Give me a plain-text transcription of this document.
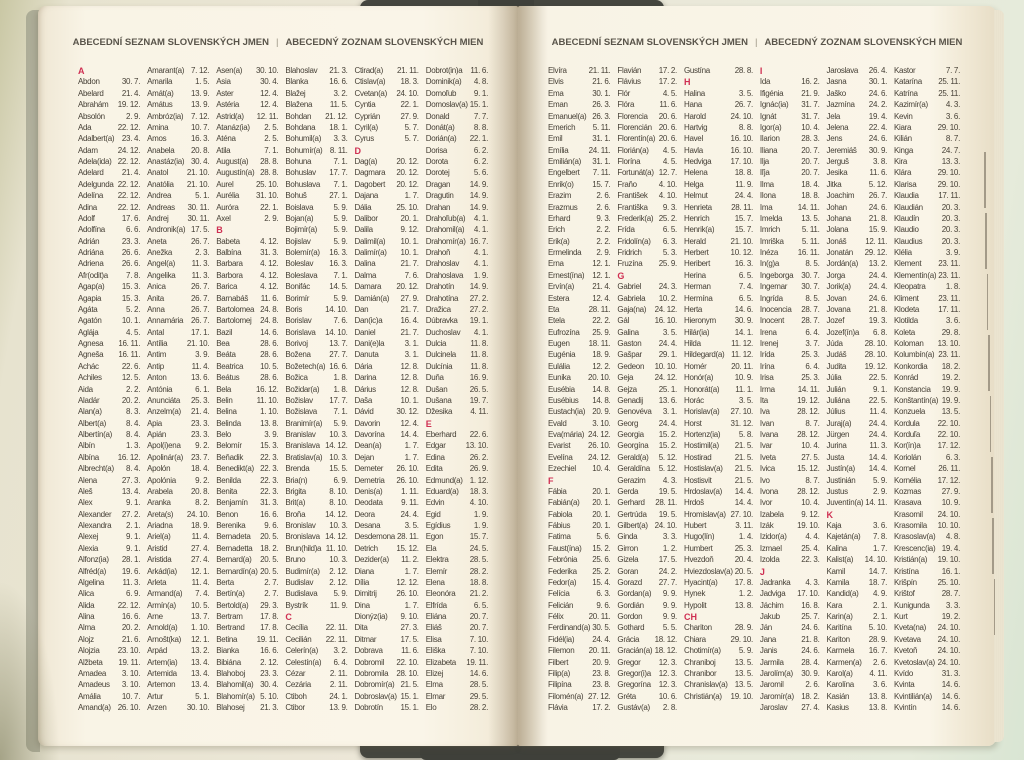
ABECEDNÍ SEZNAM SLOVENSKÝCH JMEN | ABECEDNÝ ZOZNAM SLOVENSKÝCH MIEN
A
Abdon	30. 7.
Abelard 21. 4.
Abrahám 19. 12.
Absolón	2. 9.
Ada	22. 12.
Adalbert(a) 23. 4.
Adam	24. 12.
Adela(ida) 22. 12.
Adelard 21. 4.
Adelgunda 22. 12.
Adelína 22. 12.
Adina	22. 12.
Adolf	17. 6.
Adolfína	6. 6.
Adrián	23. 3.
Adriána 26. 6.
Adriena 26. 6.
Afr(odit)a 7. 8.
Agap(a) 15. 3.
Agapia	15. 3.
Agáta	5. 2.
Agatón	10. 1.
Aglája	4. 5.
Agnesa 16. 11.
Agneša 16. 11.
Achác	22. 6.
Achiles	12. 5.
Aida	2. 2.
Aladár	20. 2.
Alan(a)	8. 3.
Albert(a)	8. 4.
Albertín(a) 8. 4.
Albín	1. 3.
Albína 16. 12.
Albrecht(a) 8. 4.
Alena	27. 3.
Aleš	13. 4.
Alex	9. 1.
Alexander 27. 2.
Alexandra 2. 1.
Alexej	9. 1.
Alexia	9. 1.
Alfonz(ia) 28. 1.
Alfréd(a) 19. 6.
Algelina 11. 3.
Alica	6. 9.
Alida	22. 12.
Alina	16. 6.
Alma	20. 2.
Alojz	21. 6.
Alojzia 23. 10.
Alžbeta 19. 11.
Amadea 3. 10.
Amadeus 3. 10.
Amália	10. 7.
Amand(a) 26. 10.
Amarant(a) 7. 12.
Amarila	1. 5.
Amát(a) 13. 9.
Amátus 13. 9.
Ambróz(ia) 7. 12.
Amina	10. 7.
Amos	16. 3.
Anabela 20. 8.
Anastáz(ia) 30. 4.
Anatol 21. 10.
Anatólia 21. 10.
Andrea	5. 1.
Andreas 30. 11.
Andrej 30. 11.
Andronik(a) 17. 5.
Aneta	26. 7.
Anežka	2. 3.
Angel(a) 11. 3.
Angelika 11. 3.
Anica	26. 7.
Anita	26. 7.
Anna	26. 7.
Annamária 26. 7.
Antal	17. 1.
Antília 21. 10.
Antim	3. 9.
Antip	11. 4.
Anton	13. 6.
Antónia	6. 1.
Anunciáta 25. 3.
Anzelm(a) 21. 4.
Apia	23. 3.
Apián	23. 3.
Apol(i)ena 9. 2.
Apolinár(a) 23. 7.
Apolón	18. 4.
Apolónia 9. 2.
Arabela 20. 8.
Aranka	8. 2.
Areta(s) 24. 10.
Ariadna 18. 9.
Ariel(a)	11. 4.
Aristid	27. 4.
Aristida 27. 4.
Arkád(ia) 12. 1.
Arleta	11. 4.
Armand(a) 7. 4.
Armín(a) 10. 5.
Arne	13. 7.
Arnold(a) 1. 10.
Arnošt(ka) 12. 1.
Arpád	13. 2.
Artem(ia) 13. 4.
Artemida 13. 4.
Artemon 13. 4.
Artur	5. 1.
Arzen	30. 10.
Asen(a) 30. 10.
Asia	30. 4.
Aster	12. 4.
Astéria	12. 4.
Astrid(a) 12. 11.
Atanáz(ia) 2. 5.
Aténa	2. 5.
Atila	7. 1.
August(a) 28. 8.
Augustín(a) 28. 8.
Aurel	25. 10.
Aurélia 31. 10.
Auróra	22. 1.
Axel	2. 9.
B
Babeta	4. 12.
Balbína 31. 3.
Barbara 4. 12.
Barbora 4. 12.
Barica	4. 12.
Barnabáš 11. 6.
Bartolomea 24. 8.
Bartolomej 24. 8.
Bazil	14. 6.
Bea	28. 6.
Beáta	28. 6.
Beatrica 10. 5.
Beátus	28. 6.
Bela	16. 12.
Belin	11. 10.
Belina	1. 10.
Belinda 13. 8.
Belo	3. 9.
Belomír 15. 3.
Beňadik 22. 3.
Benedikt(a) 22. 3.
Benilda 22. 3.
Benita	22. 3.
Benjamín 31. 3.
Benon	16. 6.
Berenika 9. 6.
Bernadeta 20. 5.
Bernadetta 18. 2.
Bernard(a) 20. 5.
Bernardín(a) 20. 5.
Berta	2. 7.
Bertín(a) 2. 7.
Bertold(a) 29. 3.
Bertram 17. 8.
Bertrand 17. 8.
Betina 19. 11.
Bianka	16. 6.
Bibiána 2. 12.
Blahoboj 23. 3.
Blahomil(a) 30. 4.
Blahomír(a) 5. 10.
Blahosej 21. 3.
Blahoslav 21. 3.
Blanka	16. 6.
Blažej	3. 2.
Blažena 11. 5.
Bohdan 21. 12.
Bohdana 18. 1.
Bohumil(a) 3. 3.
Bohumír(a) 8. 11.
Bohuna	7. 1.
Bohuslav 17. 7.
Bohuslava 7. 1.
Bohuš	27. 1.
Boislava	5. 9.
Bojan(a)	5. 9.
Bojimír(a) 5. 9.
Bojislav	5. 9.
Bolemír(a) 16. 3.
Boleslav 16. 3.
Boleslava 7. 1.
Bonifác 14. 5.
Borimír	5. 9.
Boris	14. 10.
Borislav	7. 6.
Borislava 14. 10.
Borivoj	13. 7.
Božena 27. 7.
Božetech(a) 16. 6.
Božica	1. 8.
Božidar(a) 1. 8.
Božislav 17. 7.
Božislava 7. 1.
Branimír(a) 5. 9.
Branislav 10. 3.
Branislava 14. 12.
Bratislav(a) 10. 3.
Brenda 15. 5.
Bria(n)	6. 9.
Brigita	8. 10.
Brit(a)	8. 10.
Broňa 14. 12.
Bronislav 10. 3.
Bronislava 14. 12.
Brun(hild)a 11. 10.
Bruno	10. 3.
Budimír(a) 2. 12.
Budislav 2. 12.
Budislava 5. 9.
Bystrík	11. 9.
C
Cecília 22. 11.
Cecilián 22. 11.
Celerín(a) 3. 2.
Celestín(a) 6. 4.
Cézar	2. 11.
Cezária 2. 11.
Ctiboh	24. 1.
Ctibor	13. 9.
Ctirad(a) 21. 11.
Ctislav(a) 18. 3.
Cvetan(a) 24. 10.
Cyntia	22. 1.
Cyprián	27. 9.
Cyril(a)	5. 7.
Cyrus	5. 7.
D
Dag(a) 20. 12.
Dagmara 20. 12.
Dagobert 20. 12.
Dajana	1. 7.
Dália	25. 10.
Dalibor	20. 1.
Dalila	9. 12.
Dalimil(a) 10. 1.
Dalimír(a) 10. 1.
Dalina	21. 7.
Dalma	7. 6.
Damara 20. 12.
Damián(a) 27. 9.
Dan	21. 7.
Dan(ic)a 16. 4.
Daniel	21. 7.
Dani(e)la	3. 1.
Danuta	3. 1.
Dária	12. 8.
Darina	12. 8.
Dárius	12. 8.
Daša	10. 1.
Dávid	30. 12.
Davorin	12. 4.
Davorína 14. 4.
Dean(a)	1. 7.
Dejan	1. 7.
Demeter 26. 10.
Demetria 26. 10.
Denis(a) 1. 11.
Deodata 9. 11.
Deora	24. 4.
Desana	3. 5.
Desdemona 28. 11.
Detrich 15. 12.
Dezider(a) 11. 2.
Diana	1. 7.
Dília	12. 12.
Dimitrij 26. 10.
Dina	1. 7.
Dionýz(ia) 9. 10.
Dita	27. 3.
Ditmar	17. 5.
Dobrava 11. 6.
Dobromil 22. 10.
Dobromila 28. 10.
Dobromír(a) 21. 5.
Dobroslav(a) 15. 1.
Dobrotín 15. 1.
Dobrot(in)a 11. 6.
Dominik(a) 4. 8.
Domoľub 9. 1.
Domoslav(a) 15. 1.
Donald	7. 7.
Donát(a) 8. 8.
Dorián(a) 22. 1.
Dorisa	6. 2.
Dorota	6. 2.
Dorotej	5. 6.
Dragan 14. 9.
Dragutin 14. 9.
Drahan 14. 9.
Drahoľub(a) 4. 1.
Drahomil(a) 4. 1.
Drahomír(a) 16. 7.
Drahoň	4. 1.
Drahoslav 4. 1.
Drahoslava 1. 9.
Drahotín 14. 9.
Drahotína 27. 2.
Dražica 27. 2.
Dúbravka 19. 1.
Duchoslav 4. 1.
Dulcia	11. 8.
Dulcinela 11. 8.
Dulcínia 11. 8.
Duňa	16. 9.
Dušan	26. 5.
Dušana 19. 7.
Džesika 4. 11.
E
Eberhard 22. 6.
Edgar	13. 10.
Edina	26. 2.
Edita	26. 9.
Edmund(a) 1. 12.
Eduard(a) 18. 3.
Edvin	4. 10.
Egid	1. 9.
Egídius	1. 9.
Egon	15. 7.
Ela	24. 5.
Elektra	28. 5.
Elemír	28. 2.
Elena	18. 8.
Eleonóra 21. 2.
Elfrída	6. 5.
Eliána	20. 7.
Eliáš	20. 7.
Elisa	7. 10.
Eliška	7. 10.
Elizabeta 19. 11.
Elizej	14. 6.
Elma	28. 5.
Elmar	29. 5.
Elo	28. 2.
ABECEDNÍ SEZNAM SLOVENSKÝCH JMEN | ABECEDNÝ ZOZNAM SLOVENSKÝCH MIEN
Elvíra	21. 11.
Elvis	21. 6.
Ema	30. 1.
Eman	26. 3.
Emanuel(a) 26. 3.
Emerich 5. 11.
Emil	31. 1.
Emília	24. 11.
Emilián(a) 31. 1.
Engelbert 7. 11.
Enrik(o) 15. 7.
Erazim	2. 6.
Erazmus 2. 6.
Erhard	9. 3.
Erich	2. 2.
Erik(a)	2. 2.
Ermelinda 2. 9.
Erna	12. 1.
Ernest(ína) 12. 1.
Ervín(a) 21. 4.
Estera	12. 4.
Eta	28. 11.
Etela	22. 2.
Eufrozína 25. 9.
Eugen 18. 11.
Eugénia 18. 9.
Eulália	12. 2.
Eunika 20. 10.
Eusébia 14. 8.
Eusébius 14. 8.
Eustach(ia) 20. 9.
Evald	3. 10.
Eva(mária) 24. 12.
Evarist 26. 10.
Evelína 24. 12.
Ezechiel 10. 4.
F
Fábia	20. 1.
Fabián(a) 20. 1.
Fabiola	20. 1.
Fábius	20. 1.
Fatima	5. 6.
Faust(ína) 15. 2.
Febrónia 25. 6.
Federika 25. 2.
Fedor(a) 15. 4.
Felícia	6. 3.
Felicián	9. 6.
Félix	20. 11.
Ferdinand(a) 30. 5.
Fidél(ia) 24. 4.
Filemon 20. 11.
Filbert	20. 9.
Filip(a)	23. 8.
Filipína	23. 8.
Filomén(a) 27. 12.
Flávia	17. 2.
Flavián 17. 2.
Flávius 17. 2.
Flór	4. 5.
Flóra	11. 6.
Florencia 20. 6.
Florencián 20. 6.
Florentín(a) 20. 6.
Florián(a) 4. 5.
Florína	4. 5.
Fortunát(a) 12. 7.
Fraňo	4. 10.
František 4. 10.
Františka 9. 3.
Frederik(a) 25. 2.
Frída	6. 5.
Fridolín(a) 6. 3.
Fridrich	5. 3.
Fruzína 25. 9.
G
Gabriel 24. 3.
Gabriela 10. 2.
Gaja(na) 24. 12.
Gál	16. 10.
Galina	3. 5.
Gaston 24. 4.
Gašpar 29. 1.
Gedeon 10. 10.
Geja	24. 12.
Gejza	25. 1.
Genadij 13. 6.
Genovéva 3. 1.
Georg	24. 4.
Georgia 15. 2.
Georgína 15. 2.
Gerald(a) 5. 12.
Geraldína 5. 12.
Gerazim 4. 3.
Gerda	19. 5.
Gerhard 28. 11.
Gertrúda 19. 5.
Gilbert(a) 24. 10.
Ginda	3. 3.
Girron	1. 2.
Gizela	17. 5.
Goran	24. 2.
Gorazd 27. 7.
Gordan(a) 9. 9.
Gordián 9. 9.
Gordon	9. 9.
Gothard 5. 5.
Grácia 18. 12.
Gracián(a) 18. 12.
Gregor 12. 3.
Gregor(i)a 12. 3.
Gregorína 12. 3.
Gréta	10. 6.
Gustáv(a) 2. 8.
Gustína	28. 8.
H
Halina	3. 5.
Hana	26. 7.
Harold	24. 10.
Hartvig	8. 8.
Havel	16. 10.
Havla	16. 10.
Hedviga 17. 10.
Helena	18. 8.
Helga	11. 9.
Helmut	24. 4.
Henrieta 28. 11.
Henrich	15. 7.
Henrik(a)	15. 7.
Herald	21. 10.
Herbert	10. 12.
Heribert	16. 3.
Herina	6. 5.
Herman	7. 4.
Hermína	6. 5.
Herta	14. 6.
Hieronym 30. 9.
Hilár(ia)	14. 1.
Hilda	11. 12.
Hildegard(a) 11. 12.
Homér	20. 11.
Honór(a)	10. 9.
Honorát(a) 11. 1.
Horác	3. 5.
Horislav(a) 27. 10.
Horst	31. 12.
Hortenz(ia) 5. 8.
Hostimil(a) 21. 5.
Hostirad	21. 5.
Hostislav(a) 21. 5.
Hostisvit	21. 5.
Hrdoslav(a) 14. 4.
Hrdoš	14. 4.
Hromislav(a) 27. 10.
Hubert	3. 11.
Hugo(lín)	1. 4.
Humbert	25. 3.
Hvezdoň	20. 4.
Hviezdoslav(a) 20. 5.
Hyacint(a) 17. 8.
Hynek	1. 2.
Hypolit	13. 8.
CH
Chariton	28. 9.
Chiara	29. 10.
Chotimír(a) 5. 9.
Chraniboj 13. 5.
Chranibor 13. 5.
Chranislav(a) 13. 5.
Christián(a) 19. 10.
I
Ida	16. 2.
Ifigénia 21. 9.
Ignác(ia) 31. 7.
Ignát	31. 7.
Igor(a) 10. 4.
Ilarion	28. 3.
Iliana	20. 7.
Ilja	20. 7.
Iľja	20. 7.
Ilma	18. 4.
Ilona	18. 8.
Ima	14. 11.
Imelda 13. 5.
Imrich	5. 11.
Imriška 5. 11.
Inéza 16. 11.
In(g)a	8. 5.
Ingeborga 30. 7.
Ingemar 30. 7.
Ingrída	8. 5.
Inocencia 28. 7.
Inocent 28. 7.
Irena	6. 4.
Irenej	3. 7.
Irída	25. 3.
Irína	6. 4.
Irisa	25. 3.
Irma	14. 11.
Ita	19. 12.
Iva	28. 12.
Ivan	8. 7.
Ivana 28. 12.
Ivar	10. 4.
Iveta	27. 5.
Ivica	15. 12.
Ivo	8. 7.
Ivona 28. 12.
Ivor	10. 4.
Izabela 9. 12.
Izák	19. 10.
Izidor(a) 4. 4.
Izmael 25. 4.
Izolda	22. 3.
J
Jadranka 4. 3.
Jadviga 17. 10.
Jáchim 16. 8.
Jakub	25. 7.
Ján	24. 6.
Jana	21. 8.
Janis	24. 6.
Jarmila 28. 4.
Jarolím(a) 30. 9.
Jaromil	2. 6.
Jaromír(a) 18. 2.
Jaroslav 27. 4.
Jaroslava 26. 4.
Jasna	30. 1.
Jaško	24. 6.
Jazmína 24. 2.
Jela	19. 4.
Jelena	22. 4.
Jens	24. 6.
Jeremiáš 30. 9.
Jerguš	3. 8.
Jesika	11. 6.
Jitka	5. 12.
Joachim 26. 7.
Johan	24. 6.
Johana 21. 8.
Jolana	15. 9.
Jonáš 12. 11.
Jonatán 29. 12.
Jordán(a) 13. 2.
Jorga	24. 4.
Jorik(a) 24. 4.
Jovan	24. 6.
Jovana 21. 8.
Jozef	19. 3.
Jozef(ín)a 6. 8.
Júda	28. 10.
Judáš 28. 10.
Judita 19. 12.
Júlia	22. 5.
Julián	9. 1.
Juliána 22. 5.
Július	11. 4.
Juraj(a) 24. 4.
Jürgen 24. 4.
Jurina	11. 3.
Justa	14. 4.
Justín(a) 14. 4.
Justinián 5. 9.
Justus	2. 9.
Juventín(a) 14. 11.
K
Kaja	3. 6.
Kajetán(a) 7. 8.
Kalina	1. 7.
Kalist(a) 14. 10.
Kamil	14. 7.
Kamila 18. 7.
Kandid(a) 4. 9.
Kara	2. 1.
Karin(a)	2. 1.
Karitína 5. 10.
Kariton 28. 9.
Karmela 16. 7.
Karmen(a) 2. 6.
Karol(a) 4. 11.
Karolína 3. 6.
Kasián 13. 8.
Kasius	13. 8.
Kastor	7. 7.
Katarína 25. 11.
Katrína	25. 11.
Kazimír(a) 4. 3.
Kevin	3. 6.
Kiara	29. 10.
Kilián	8. 7.
Kinga	24. 7.
Kira	13. 3.
Klára	29. 10.
Klarisa	29. 10.
Klaudia 17. 11.
Klaudián 20. 3.
Klaudín	20. 3.
Klaudio	20. 3.
Klaudius 20. 3.
Klélia	3. 9.
Klement 23. 11.
Klementín(a) 23. 11.
Kleopatra	1. 8.
Kliment 23. 11.
Klodeta 17. 11.
Klotilda	3. 6.
Koleta	29. 8.
Koloman 13. 10.
Kolumbín(a) 23. 11.
Konkordia 18. 2.
Konrád	19. 2.
Konstancia 19. 9.
Konštantín(a) 19. 9.
Konzuela 13. 5.
Kordula 22. 10.
Korduľa 22. 10.
Kor(ín)a 17. 12.
Koriolán	6. 3.
Kornel	26. 11.
Kornélia 17. 12.
Kozmas	27. 9.
Krasava	10. 9.
Krasomil 24. 10.
Krasomila 10. 10.
Krasoslav(a) 4. 8.
Krescenc(ia) 19. 4.
Kristián(a) 19. 10.
Kristína	16. 1.
Krišpín	25. 10.
Krištof	28. 7.
Kunigunda 3. 3.
Kurt	19. 2.
Kveta(na) 24. 10.
Kvetava 24. 10.
Kvetoň	24. 10.
Kvetoslav(a) 24. 10.
Kvído	31. 3.
Kvinta	14. 6.
Kvintilián(a) 14. 6.
Kvintín	14. 6.
